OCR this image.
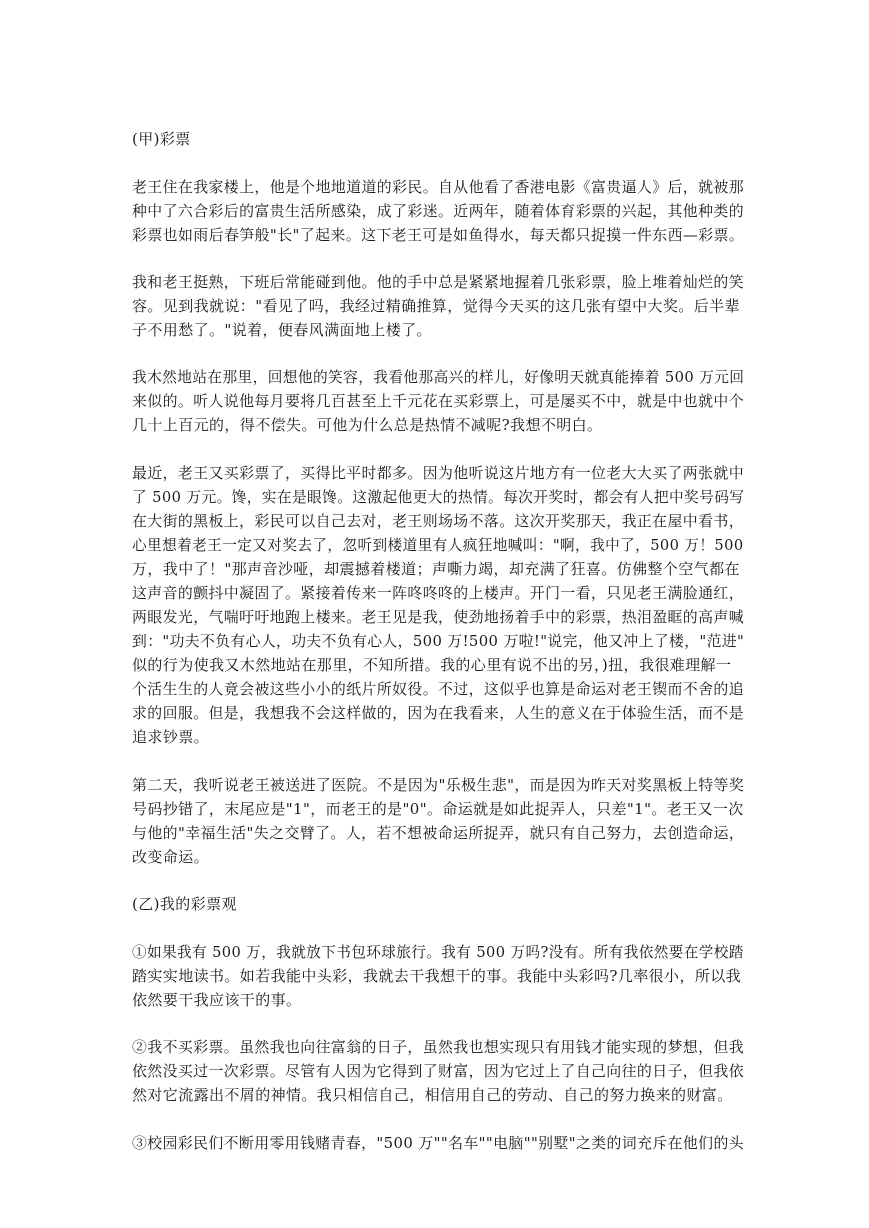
(甲)彩票
老王住在我家楼上，他是个地地道道的彩民。自从他看了香港电影《富贵逼人》后，就被那
种中了六合彩后的富贵生活所感染，成了彩迷。近两年，随着体育彩票的兴起，其他种类的
彩票也如雨后春笋般"长"了起来。这下老王可是如鱼得水，每天都只捉摸一件东西—彩票。
我和老王挺熟，下班后常能碰到他。他的手中总是紧紧地握着几张彩票，脸上堆着灿烂的笑
容。见到我就说："看见了吗，我经过精确推算，觉得今天买的这几张有望中大奖。后半辈
子不用愁了。"说着，便春风满面地上楼了。
我木然地站在那里，回想他的笑容，我看他那高兴的样儿，好像明天就真能捧着 500 万元回
来似的。听人说他每月要将几百甚至上千元花在买彩票上，可是屡买不中，就是中也就中个
几十上百元的，得不偿失。可他为什么总是热情不减呢?我想不明白。
最近，老王又买彩票了，买得比平时都多。因为他听说这片地方有一位老大大买了两张就中
了 500 万元。馋，实在是眼馋。这激起他更大的热情。每次开奖时，都会有人把中奖号码写
在大街的黑板上，彩民可以自己去对，老王则场场不落。这次开奖那天，我正在屋中看书，
心里想着老王一定又对奖去了，忽听到楼道里有人疯狂地喊叫："啊，我中了，500 万！500
万，我中了！"那声音沙哑，却震撼着楼道；声嘶力竭，却充满了狂喜。仿佛整个空气都在
这声音的颤抖中凝固了。紧接着传来一阵咚咚咚的上楼声。开门一看，只见老王满脸通红，
两眼发光，气喘吁吁地跑上楼来。老王见是我，使劲地扬着手中的彩票，热泪盈眶的高声喊
到："功夫不负有心人，功夫不负有心人，500 万!500 万啦!"说完，他又冲上了楼，"范进"
似的行为使我又木然地站在那里，不知所措。我的心里有说不出的另，)扭，我很难理解一
个活生生的人竟会被这些小小的纸片所奴役。不过，这似乎也算是命运对老王锲而不舍的追
求的回服。但是，我想我不会这样做的，因为在我看来，人生的意义在于体验生活，而不是
追求钞票。
第二天，我听说老王被送进了医院。不是因为"乐极生悲"，而是因为昨天对奖黑板上特等奖
号码抄错了，末尾应是"1"，而老王的是"0"。命运就是如此捉弄人，只差"1"。老王又一次
与他的"幸福生活"失之交臂了。人，若不想被命运所捉弄，就只有自己努力，去创造命运，
改变命运。
(乙)我的彩票观
①如果我有 500 万，我就放下书包环球旅行。我有 500 万吗?没有。所有我依然要在学校踏
踏实实地读书。如若我能中头彩，我就去干我想干的事。我能中头彩吗?几率很小，所以我
依然要干我应该干的事。
②我不买彩票。虽然我也向往富翁的日子，虽然我也想实现只有用钱才能实现的梦想，但我
依然没买过一次彩票。尽管有人因为它得到了财富，因为它过上了自己向往的日子，但我依
然对它流露出不屑的神情。我只相信自己，相信用自己的劳动、自己的努力换来的财富。
③校园彩民们不断用零用钱赌青春，"500 万""名车""电脑""别墅"之类的词充斥在他们的头
